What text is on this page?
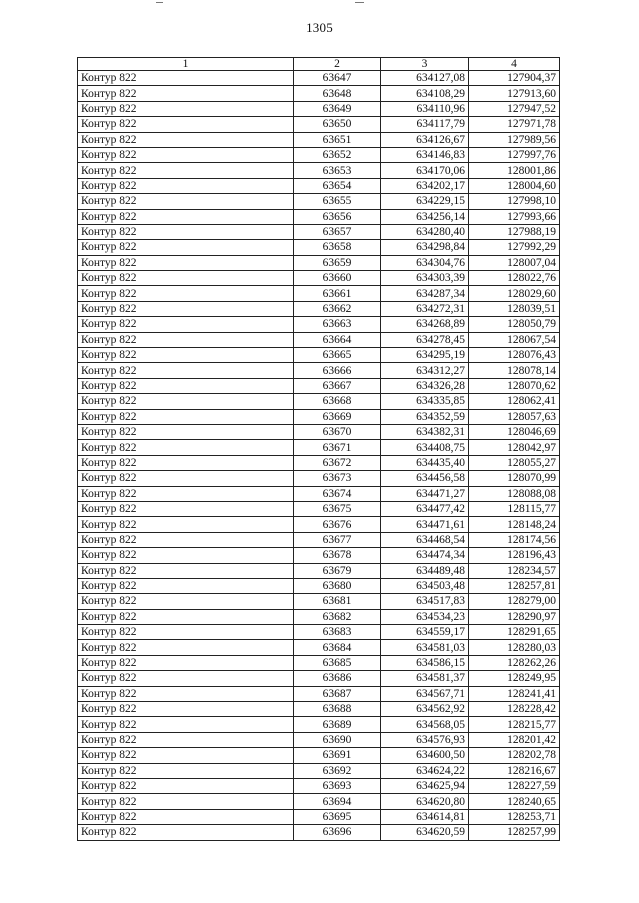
1305
1	2	3	4
Контур 822	63647	634127,08	127904,37
Контур 822	63648	634108,29	127913,60
Контур 822	63649	634110,96	127947,52
Контур 822	63650	634117,79	127971,78
Контур 822	63651	634126,67	127989,56
Контур 822	63652	634146,83	127997,76
Контур 822	63653	634170,06	128001,86
Контур 822	63654	634202,17	128004,60
Контур 822	63655	634229,15	127998,10
Контур 822	63656	634256,14	127993,66
Контур 822	63657	634280,40	127988,19
Контур 822	63658	634298,84	127992,29
Контур 822	63659	634304,76	128007,04
Контур 822	63660	634303,39	128022,76
Контур 822	63661	634287,34	128029,60
Контур 822	63662	634272,31	128039,51
Контур 822	63663	634268,89	128050,79
Контур 822	63664	634278,45	128067,54
Контур 822	63665	634295,19	128076,43
Контур 822	63666	634312,27	128078,14
Контур 822	63667	634326,28	128070,62
Контур 822	63668	634335,85	128062,41
Контур 822	63669	634352,59	128057,63
Контур 822	63670	634382,31	128046,69
Контур 822	63671	634408,75	128042,97
Контур 822	63672	634435,40	128055,27
Контур 822	63673	634456,58	128070,99
Контур 822	63674	634471,27	128088,08
Контур 822	63675	634477,42	128115,77
Контур 822	63676	634471,61	128148,24
Контур 822	63677	634468,54	128174,56
Контур 822	63678	634474,34	128196,43
Контур 822	63679	634489,48	128234,57
Контур 822	63680	634503,48	128257,81
Контур 822	63681	634517,83	128279,00
Контур 822	63682	634534,23	128290,97
Контур 822	63683	634559,17	128291,65
Контур 822	63684	634581,03	128280,03
Контур 822	63685	634586,15	128262,26
Контур 822	63686	634581,37	128249,95
Контур 822	63687	634567,71	128241,41
Контур 822	63688	634562,92	128228,42
Контур 822	63689	634568,05	128215,77
Контур 822	63690	634576,93	128201,42
Контур 822	63691	634600,50	128202,78
Контур 822	63692	634624,22	128216,67
Контур 822	63693	634625,94	128227,59
Контур 822	63694	634620,80	128240,65
Контур 822	63695	634614,81	128253,71
Контур 822	63696	634620,59	128257,99
